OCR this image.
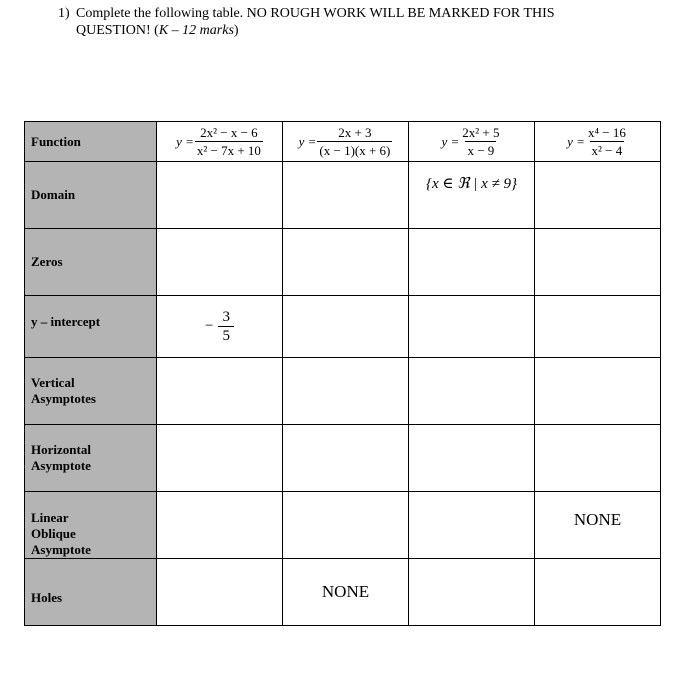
1) Complete the following table. NO ROUGH WORK WILL BE MARKED FOR THIS
QUESTION! (K – 12 marks)
Function	$y = \frac{\text{2x² − x − 6}}{\text{x² − 7x + 10}}$	$y = \frac{2x + 3}{(x - 1)(x + 6)}$	$y = \frac{\text{2x² + 5}}{x - 9}$	$y = \frac{\text{x⁴ − 16}}{\text{x² − 4}}$

Domain			{x ∈ ℜ | x ≠ 9}	
Zeros				
y – intercept	− $\frac{3}{5}$

Vertical
Asymptotes				

Horizontal
Asymptote				

Linear
Oblique
Asymptote				NONE
Holes		NONE		
